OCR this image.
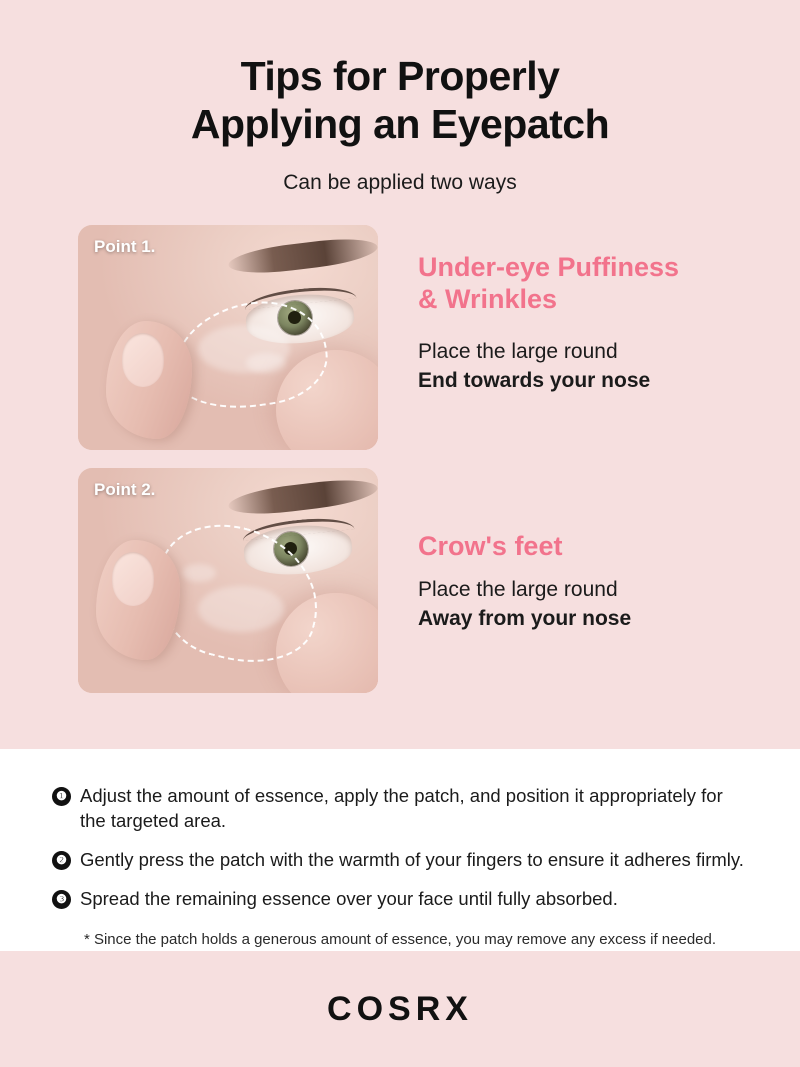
Tips for Properly
Applying an Eyepatch
Can be applied two ways
Point 1.
Under-eye Puffiness
& Wrinkles
Place the large round
End towards your nose
Point 2.
Crow's feet
Place the large round
Away from your nose
❶ Adjust the amount of essence, apply the patch, and position it appropriately for the targeted area.
❷ Gently press the patch with the warmth of your fingers to ensure it adheres firmly.
❸ Spread the remaining essence over your face until fully absorbed.
* Since the patch holds a generous amount of essence, you may remove any excess if needed.
COSRX
